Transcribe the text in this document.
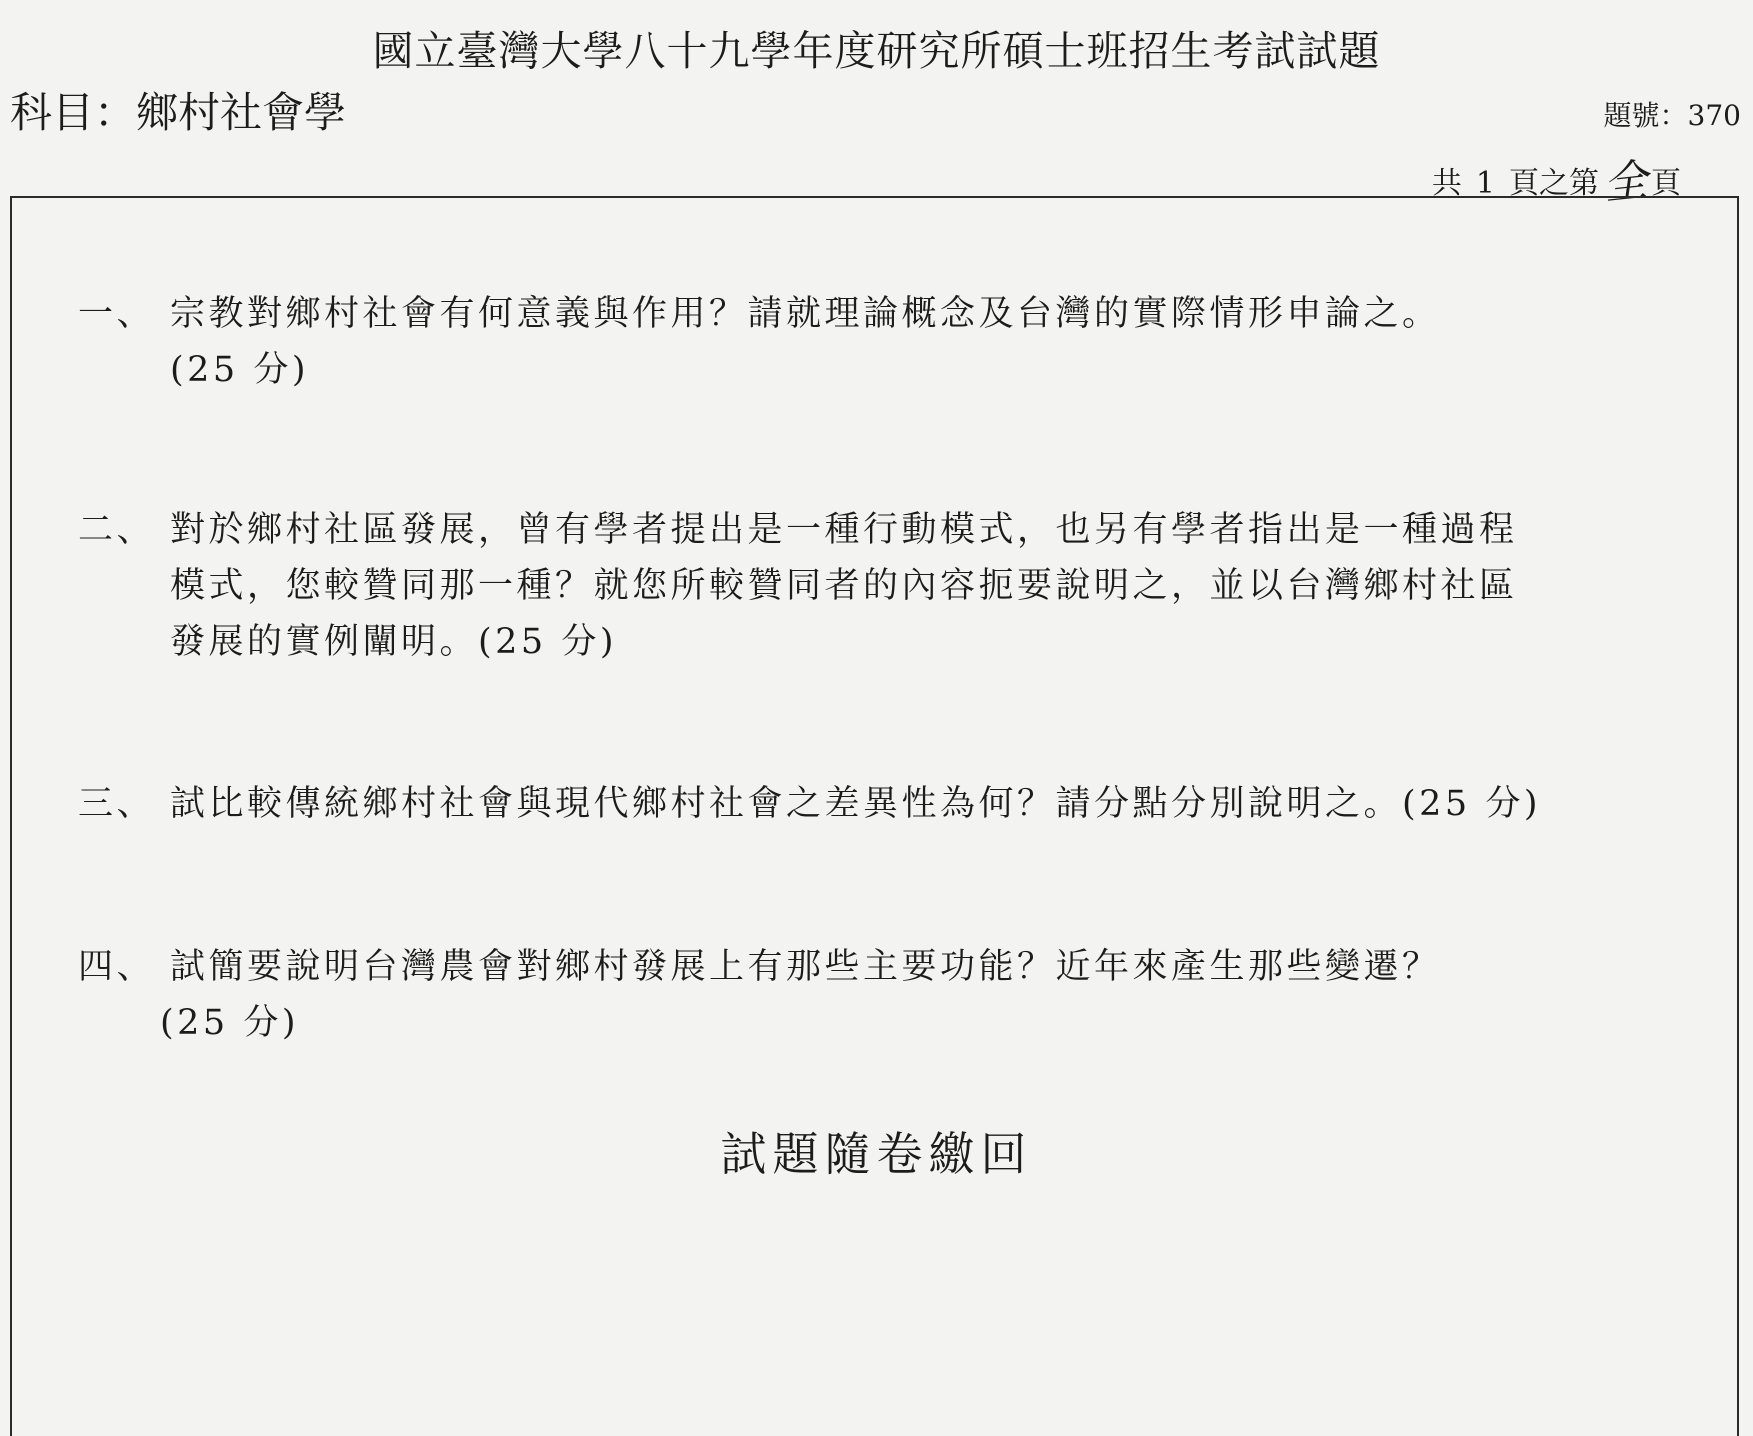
國立臺灣大學八十九學年度研究所碩士班招生考試試題
科目：鄉村社會學	題號：370
共 1 頁之第全頁
一、 宗教對鄉村社會有何意義與作用？請就理論概念及台灣的實際情形申論之。
(25 分)
二、 對於鄉村社區發展，曾有學者提出是一種行動模式，也另有學者指出是一種過程
模式，您較贊同那一種？就您所較贊同者的內容扼要說明之，並以台灣鄉村社區
發展的實例闡明。(25 分)
三、 試比較傳統鄉村社會與現代鄉村社會之差異性為何？請分點分別說明之。(25 分)
四、 試簡要說明台灣農會對鄉村發展上有那些主要功能？近年來產生那些變遷？
(25 分)
試題隨卷繳回
